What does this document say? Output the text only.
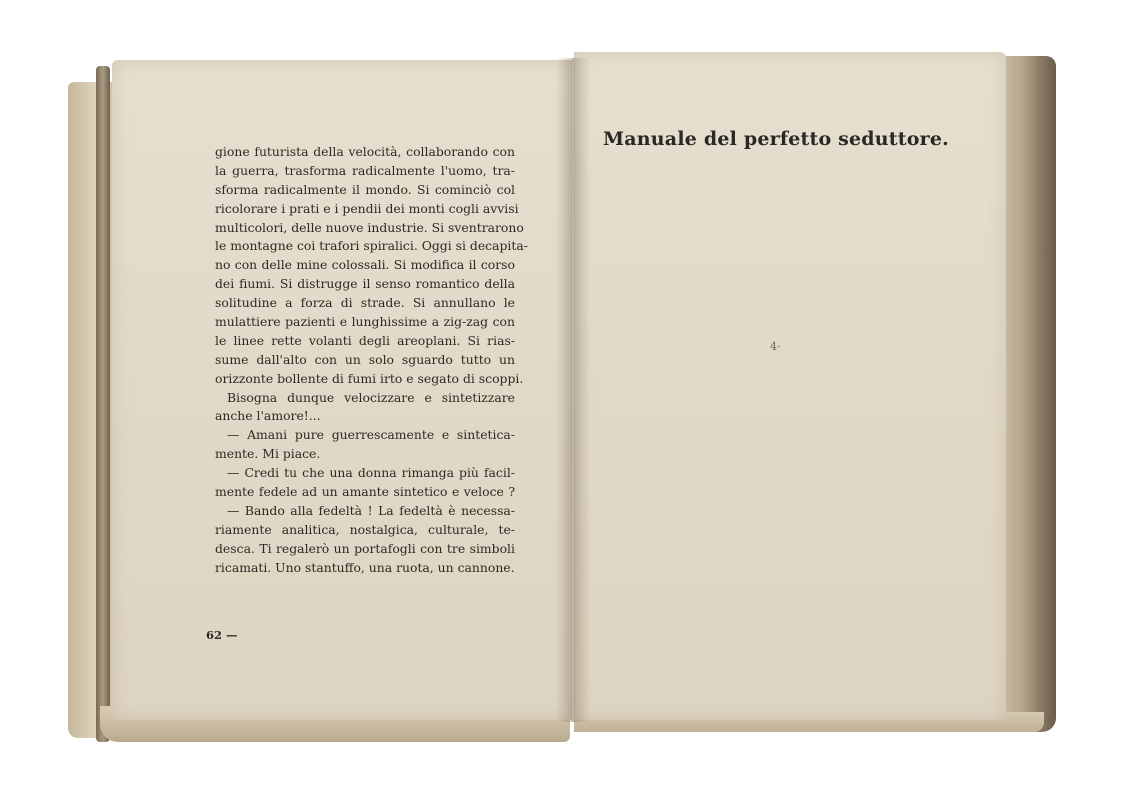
gione futurista della velocità, collaborando con
la guerra, trasforma radicalmente l'uomo, tra-
sforma radicalmente il mondo. Si cominciò col
ricolorare i prati e i pendii dei monti cogli avvisi
multicolori, delle nuove industrie. Si sventrarono
le montagne coi trafori spiralici. Oggi si decapita-
no con delle mine colossali. Si modifica il corso
dei fiumi. Si distrugge il senso romantico della
solitudine a forza di strade. Si annullano le
mulattiere pazienti e lunghissime a zig-zag con
le linee rette volanti degli areoplani. Si rias-
sume dall'alto con un solo sguardo tutto un
orizzonte bollente di fumi irto e segato di scoppi.
Bisogna dunque velocizzare e sintetizzare
anche l'amore!...
— Amani pure guerrescamente e sinteticа-
mente. Mi piace.
— Credi tu che una donna rimanga più facil-
mente fedele ad un amante sintetico e veloce ?
— Bando alla fedeltà ! La fedeltà è necessa-
riamente analitica, nostalgica, culturale, te-
desca. Ti regalerò un portafogli con tre simboli
ricamati. Uno stantuffo, una ruota, un cannone.
62 —
Manuale del perfetto seduttore.
4·
